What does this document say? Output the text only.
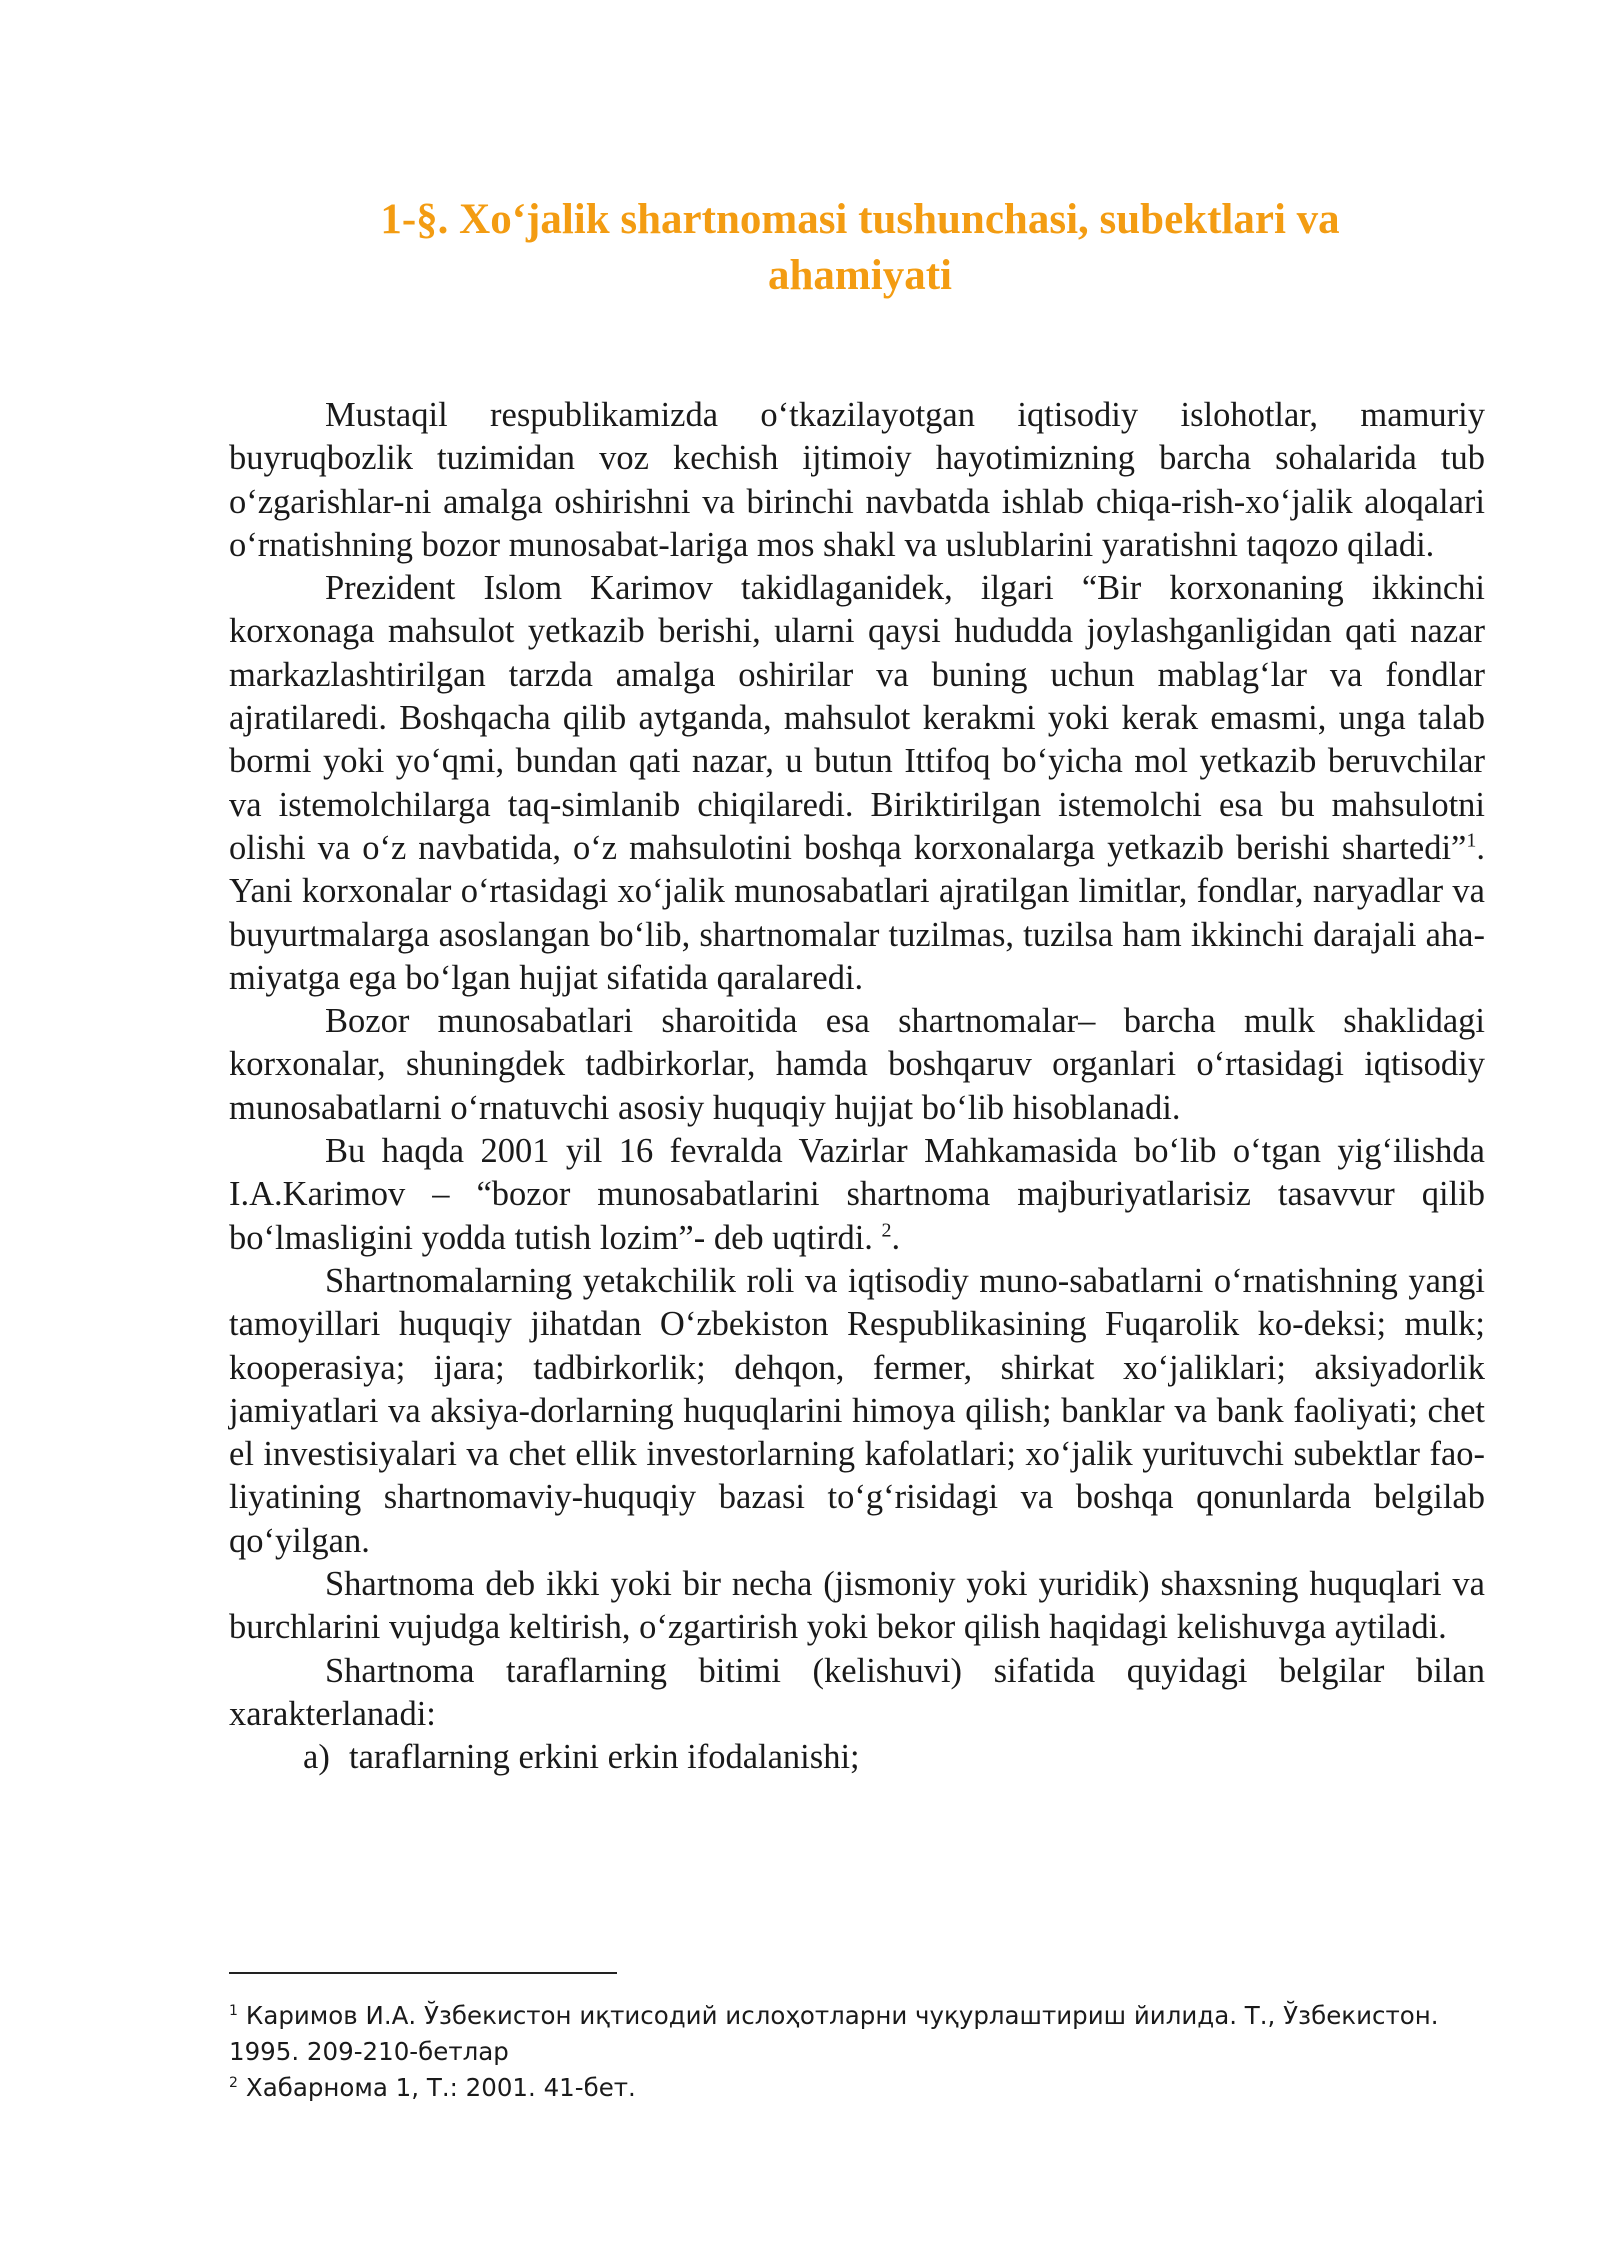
1-§. Xo‘jalik shartnomasi tushunchasi, subektlari va
ahamiyati

Mustaqil respublikamizda o‘tkazilayotgan iqtisodiy islohotlar, mamuriy buyruqbozlik tuzimidan voz kechish ijtimoiy hayotimizning barcha sohalarida tub o‘zgarishlar-ni amalga oshirishni va birinchi navbatda ishlab chiqa-rish-xo‘jalik aloqalari o‘rnatishning bozor munosabat-lariga mos shakl va uslublarini yaratishni taqozo qiladi.

Prezident Islom Karimov takidlaganidek, ilgari “Bir korxonaning ikkinchi korxonaga mahsulot yetkazib berishi, ularni qaysi hududda joylashganligidan qati nazar markazlashtirilgan tarzda amalga oshirilar va buning uchun mablag‘lar va fondlar ajratilaredi. Boshqacha qilib aytganda, mahsulot kerakmi yoki kerak emasmi, unga talab bormi yoki yo‘qmi, bundan qati nazar, u butun Ittifoq bo‘yicha mol yetkazib beruvchilar va istemolchilarga taq-simlanib chiqilaredi. Biriktirilgan istemolchi esa bu mahsulotni olishi va o‘z navbatida, o‘z mahsulotini boshqa korxonalarga yetkazib berishi shartedi”$^1$. Yani korxonalar o‘rtasidagi xo‘jalik munosabatlari ajratilgan limitlar, fondlar, naryadlar va buyurtmalarga asoslangan bo‘lib, shartnomalar tuzilmas, tuzilsa ham ikkinchi darajali aha-miyatga ega bo‘lgan hujjat sifatida qaralaredi.

Bozor munosabatlari sharoitida esa shartnomalar– barcha mulk shaklidagi korxonalar, shuningdek tadbirkorlar, hamda boshqaruv organlari o‘rtasidagi iqtisodiy munosabatlarni o‘rnatuvchi asosiy huquqiy hujjat bo‘lib hisoblanadi.

Bu haqda 2001 yil 16 fevralda Vazirlar Mahkamasida bo‘lib o‘tgan yig‘ilishda I.A.Karimov – “bozor munosabatlarini shartnoma majburiyatlarisiz tasavvur qilib bo‘lmasligini yodda tutish lozim”- deb uqtirdi. $^2$.

Shartnomalarning yetakchilik roli va iqtisodiy muno-sabatlarni o‘rnatishning yangi tamoyillari huquqiy jihatdan O‘zbekiston Respublikasining Fuqarolik ko-deksi; mulk; kooperasiya; ijara; tadbirkorlik; dehqon, fermer, shirkat xo‘jaliklari; aksiyadorlik jamiyatlari va aksiya-dorlarning huquqlarini himoya qilish; banklar va bank faoliyati; chet el investisiyalari va chet ellik investorlarning kafolatlari; xo‘jalik yurituvchi subektlar fao-liyatining shartnomaviy-huquqiy bazasi to‘g‘risidagi va boshqa qonunlarda belgilab qo‘yilgan.

Shartnoma deb ikki yoki bir necha (jismoniy yoki yuridik) shaxsning huquqlari va burchlarini vujudga keltirish, o‘zgartirish yoki bekor qilish haqidagi kelishuvga aytiladi.

Shartnoma taraflarning bitimi (kelishuvi) sifatida quyidagi belgilar bilan xarakterlanadi:

a) taraflarning erkini erkin ifodalanishi;

$^1$ Каримов И.А. Ўзбекистон иқтисодий ислоҳотларни чуқурлаштириш йилида. Т., Ўзбекистон. 1995. 209-210-бетлар

$^2$ Хабарнома 1, Т.: 2001. 41-бет.
